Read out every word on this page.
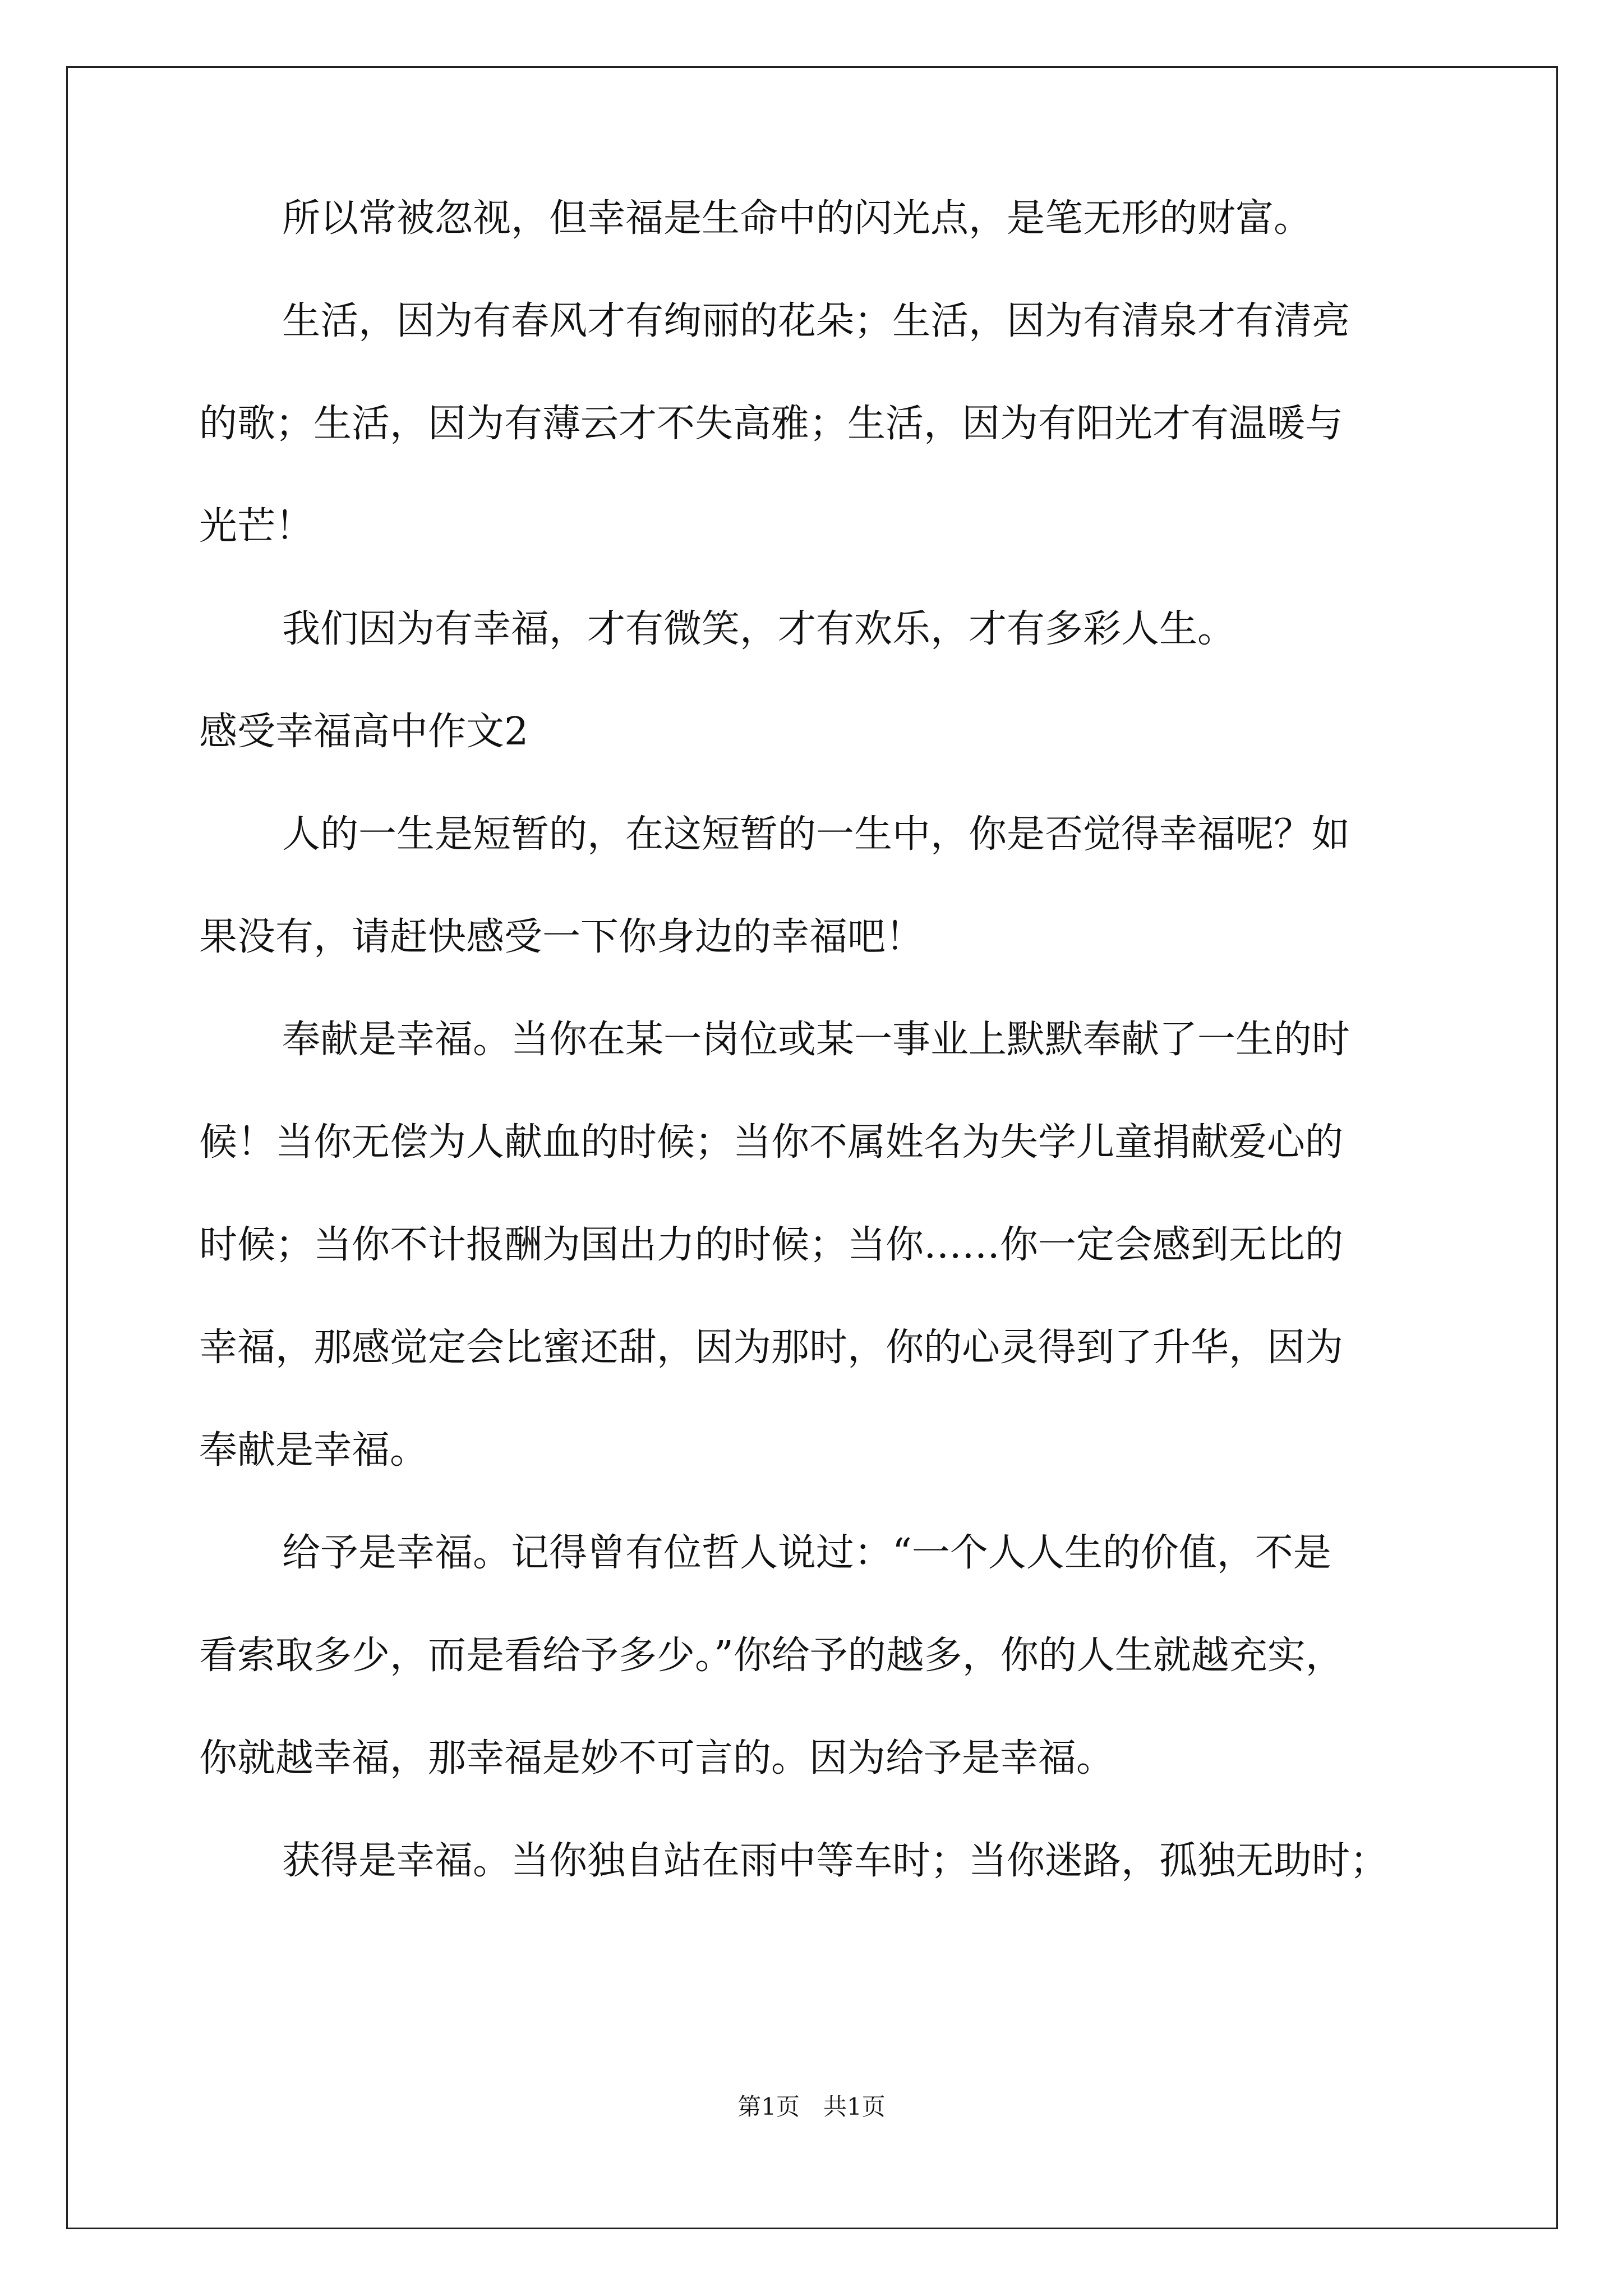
所以常被忽视，但幸福是生命中的闪光点，是笔无形的财富。
生活，因为有春风才有绚丽的花朵；生活，因为有清泉才有清亮
的歌；生活，因为有薄云才不失高雅；生活，因为有阳光才有温暖与
光芒！
我们因为有幸福，才有微笑，才有欢乐，才有多彩人生。
感受幸福高中作文2
人的一生是短暂的，在这短暂的一生中，你是否觉得幸福呢？如
果没有，请赶快感受一下你身边的幸福吧！
奉献是幸福。当你在某一岗位或某一事业上默默奉献了一生的时
候！当你无偿为人献血的时候；当你不属姓名为失学儿童捐献爱心的
时候；当你不计报酬为国出力的时候；当你……你一定会感到无比的
幸福，那感觉定会比蜜还甜，因为那时，你的心灵得到了升华，因为
奉献是幸福。
给予是幸福。记得曾有位哲人说过：“一个人人生的价值，不是
看索取多少，而是看给予多少。”你给予的越多，你的人生就越充实，
你就越幸福，那幸福是妙不可言的。因为给予是幸福。
获得是幸福。当你独自站在雨中等车时；当你迷路，孤独无助时；
第1页 共1页
